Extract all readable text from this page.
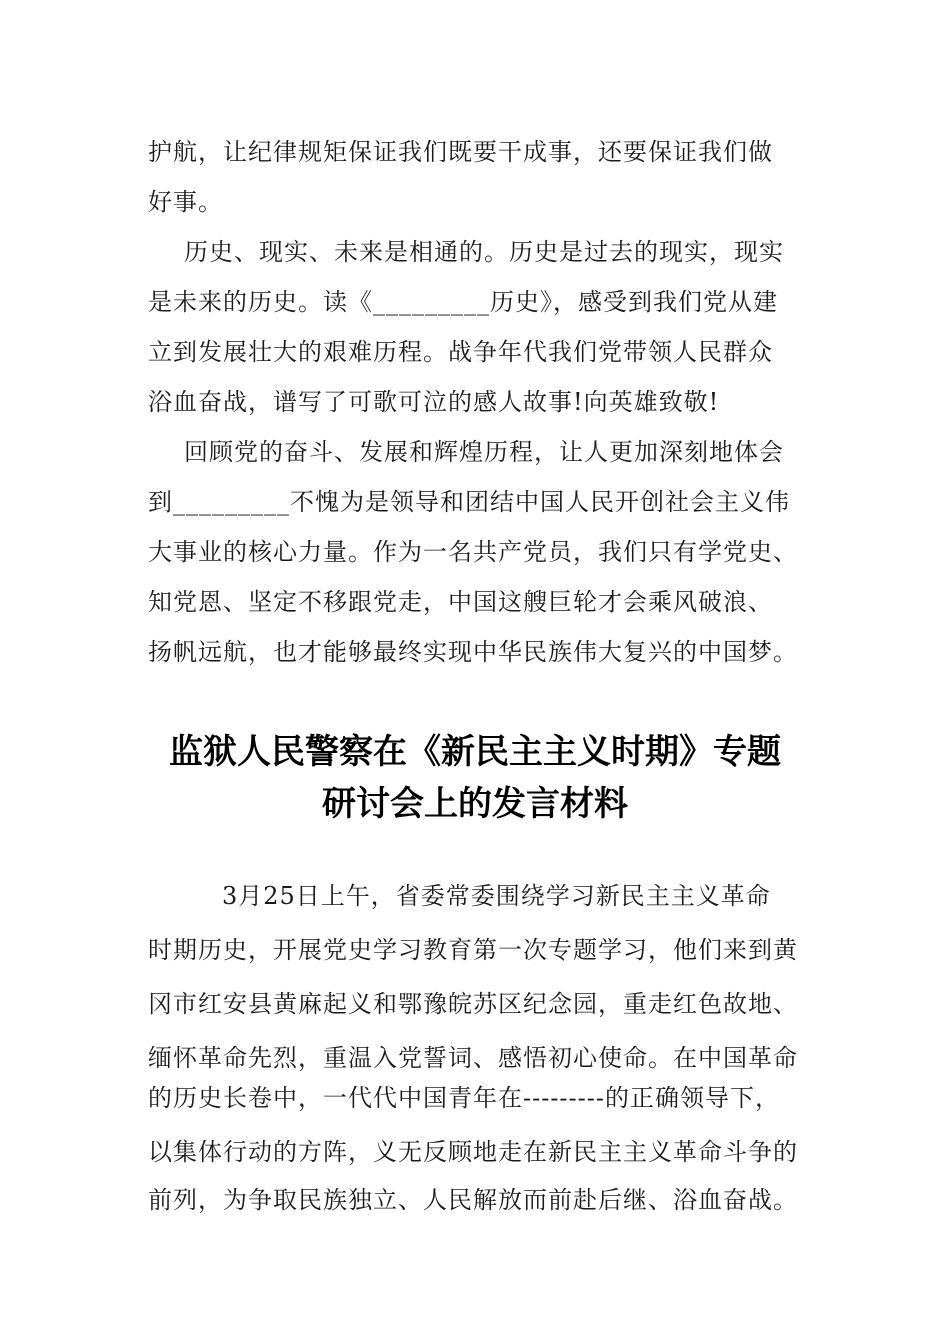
护航，让纪律规矩保证我们既要干成事，还要保证我们做
好事。
历史、现实、未来是相通的。历史是过去的现实，现实
是未来的历史。读《_________历史》，感受到我们党从建
立到发展壮大的艰难历程。战争年代我们党带领人民群众
浴血奋战，谱写了可歌可泣的感人故事!向英雄致敬!
回顾党的奋斗、发展和辉煌历程，让人更加深刻地体会
到_________不愧为是领导和团结中国人民开创社会主义伟
大事业的核心力量。作为一名共产党员，我们只有学党史、
知党恩、坚定不移跟党走，中国这艘巨轮才会乘风破浪、
扬帆远航，也才能够最终实现中华民族伟大复兴的中国梦。
监狱人民警察在《新民主主义时期》专题
研讨会上的发言材料
3月25日上午，省委常委围绕学习新民主主义革命
时期历史，开展党史学习教育第一次专题学习，他们来到黄
冈市红安县黄麻起义和鄂豫皖苏区纪念园，重走红色故地、
缅怀革命先烈，重温入党誓词、感悟初心使命。在中国革命
的历史长卷中，一代代中国青年在---------的正确领导下，
以集体行动的方阵，义无反顾地走在新民主主义革命斗争的
前列，为争取民族独立、人民解放而前赴后继、浴血奋战。
